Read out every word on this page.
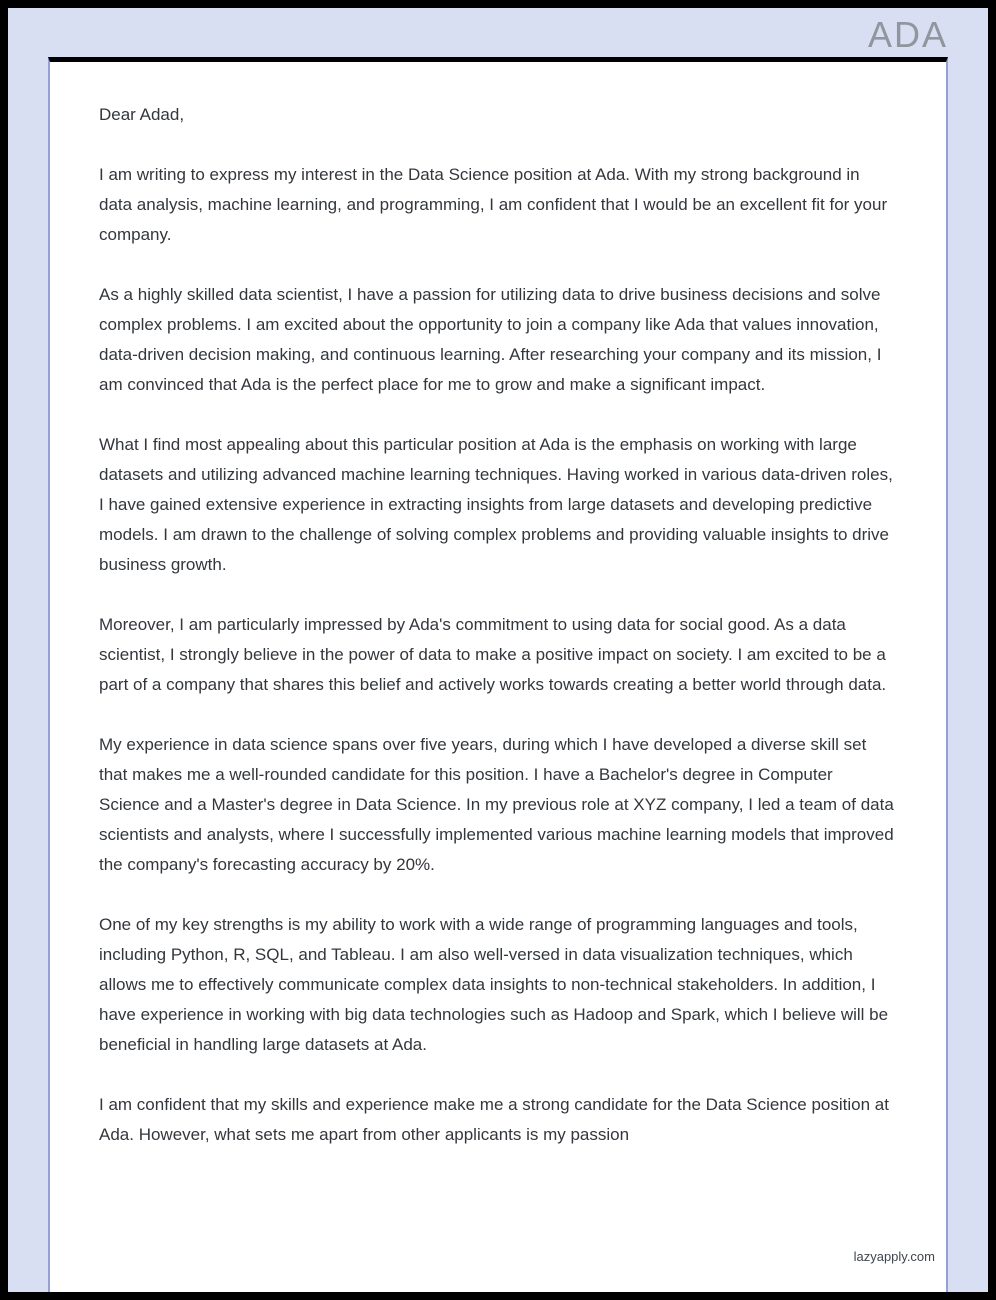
ADA

Dear Adad,

I am writing to express my interest in the Data Science position at Ada. With my strong background in data analysis, machine learning, and programming, I am confident that I would be an excellent fit for your company.

As a highly skilled data scientist, I have a passion for utilizing data to drive business decisions and solve complex problems. I am excited about the opportunity to join a company like Ada that values innovation, data-driven decision making, and continuous learning. After researching your company and its mission, I am convinced that Ada is the perfect place for me to grow and make a significant impact.

What I find most appealing about this particular position at Ada is the emphasis on working with large datasets and utilizing advanced machine learning techniques. Having worked in various data-driven roles, I have gained extensive experience in extracting insights from large datasets and developing predictive models. I am drawn to the challenge of solving complex problems and providing valuable insights to drive business growth.

Moreover, I am particularly impressed by Ada's commitment to using data for social good. As a data scientist, I strongly believe in the power of data to make a positive impact on society. I am excited to be a part of a company that shares this belief and actively works towards creating a better world through data.

My experience in data science spans over five years, during which I have developed a diverse skill set that makes me a well-rounded candidate for this position. I have a Bachelor's degree in Computer Science and a Master's degree in Data Science. In my previous role at XYZ company, I led a team of data scientists and analysts, where I successfully implemented various machine learning models that improved the company's forecasting accuracy by 20%.

One of my key strengths is my ability to work with a wide range of programming languages and tools, including Python, R, SQL, and Tableau. I am also well-versed in data visualization techniques, which allows me to effectively communicate complex data insights to non-technical stakeholders. In addition, I have experience in working with big data technologies such as Hadoop and Spark, which I believe will be beneficial in handling large datasets at Ada.

I am confident that my skills and experience make me a strong candidate for the Data Science position at Ada. However, what sets me apart from other applicants is my passion

lazyapply.com
